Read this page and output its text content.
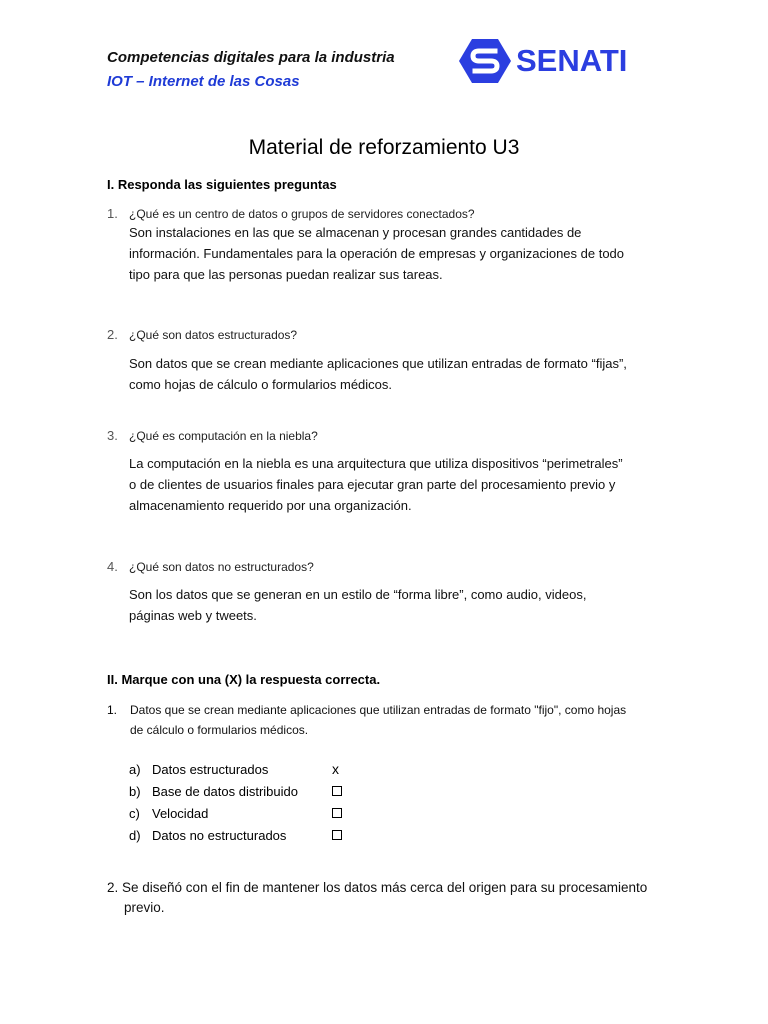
Competencias digitales para la industria
IOT – Internet de las Cosas
SENATI
Material de reforzamiento U3
I. Responda las siguientes preguntas
1. ¿Qué es un centro de datos o grupos de servidores conectados?
Son instalaciones en las que se almacenan y procesan grandes cantidades de
información. Fundamentales para la operación de empresas y organizaciones de todo
tipo para que las personas puedan realizar sus tareas.
2. ¿Qué son datos estructurados?
Son datos que se crean mediante aplicaciones que utilizan entradas de formato “fijas”,
como hojas de cálculo o formularios médicos.
3. ¿Qué es computación en la niebla?
La computación en la niebla es una arquitectura que utiliza dispositivos “perimetrales”
o de clientes de usuarios finales para ejecutar gran parte del procesamiento previo y
almacenamiento requerido por una organización.
4. ¿Qué son datos no estructurados?
Son los datos que se generan en un estilo de “forma libre”, como audio, videos,
páginas web y tweets.
II. Marque con una (X) la respuesta correcta.
1.	Datos que se crean mediante aplicaciones que utilizan entradas de formato "fijo", como hojas
de cálculo o formularios médicos.
a) Datos estructurados	x
b) Base de datos distribuido
c) Velocidad
d) Datos no estructurados
2. Se diseñó con el fin de mantener los datos más cerca del origen para su procesamiento
previo.
